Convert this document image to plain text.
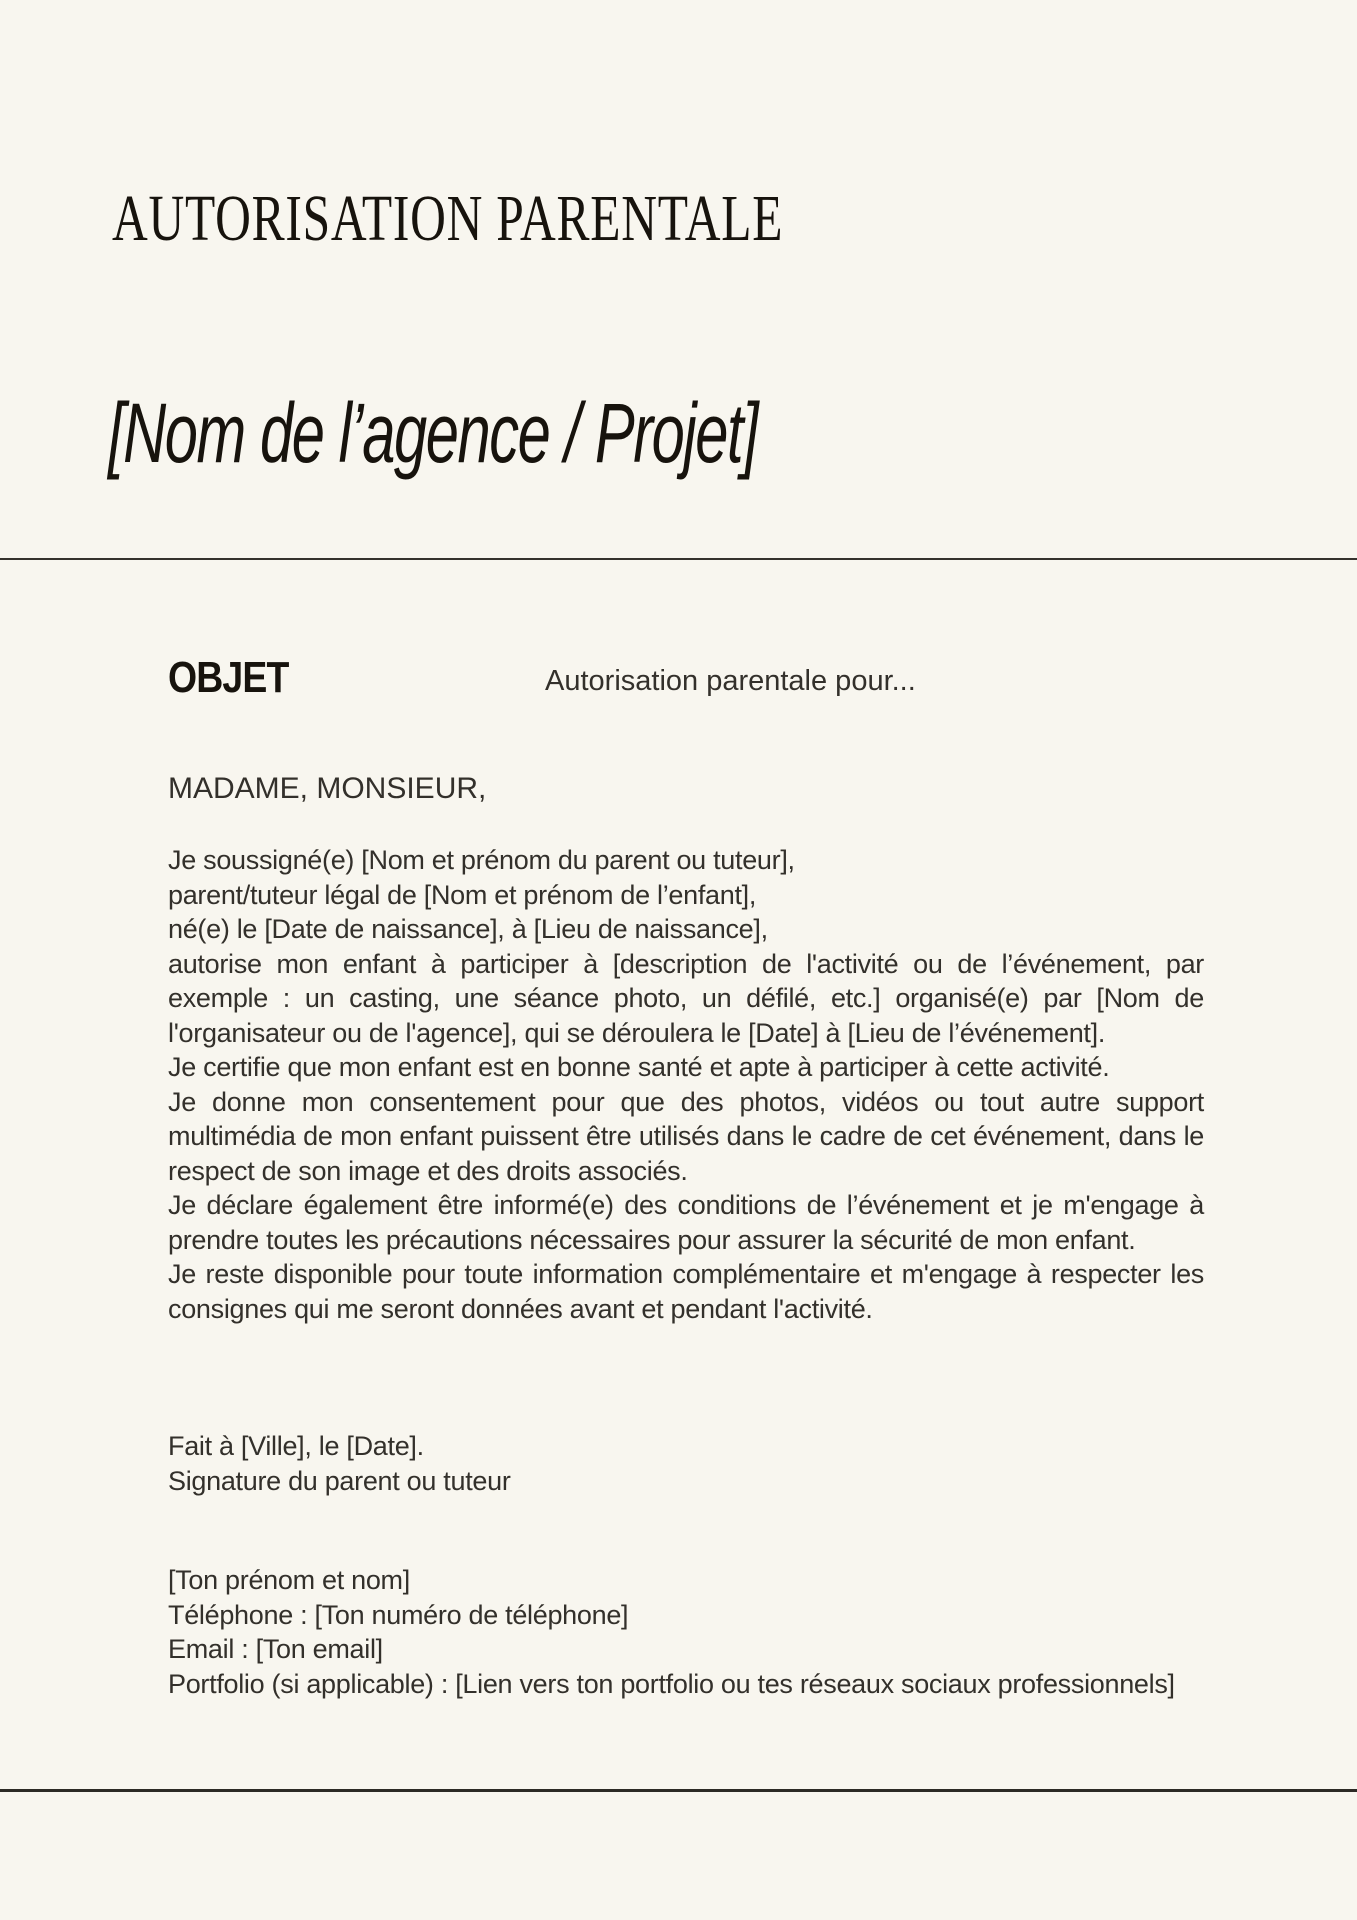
AUTORISATION PARENTALE
[Nom de l’agence / Projet]
OBJET	Autorisation parentale pour...
MADAME, MONSIEUR,

Je soussigné(e) [Nom et prénom du parent ou tuteur],

parent/tuteur légal de [Nom et prénom de l’enfant],

né(e) le [Date de naissance], à [Lieu de naissance],

autorise mon enfant à participer à [description de l'activité ou de l’événement, par exemple : un casting, une séance photo, un défilé, etc.] organisé(e) par [Nom de l'organisateur ou de l'agence], qui se déroulera le [Date] à [Lieu de l’événement].

Je certifie que mon enfant est en bonne santé et apte à participer à cette activité.

Je donne mon consentement pour que des photos, vidéos ou tout autre support multimédia de mon enfant puissent être utilisés dans le cadre de cet événement, dans le respect de son image et des droits associés.

Je déclare également être informé(e) des conditions de l’événement et je m'engage à prendre toutes les précautions nécessaires pour assurer la sécurité de mon enfant.

Je reste disponible pour toute information complémentaire et m'engage à respecter les consignes qui me seront données avant et pendant l'activité.

Fait à [Ville], le [Date].

Signature du parent ou tuteur

[Ton prénom et nom]

Téléphone : [Ton numéro de téléphone]

Email : [Ton email]

Portfolio (si applicable) : [Lien vers ton portfolio ou tes réseaux sociaux professionnels]
